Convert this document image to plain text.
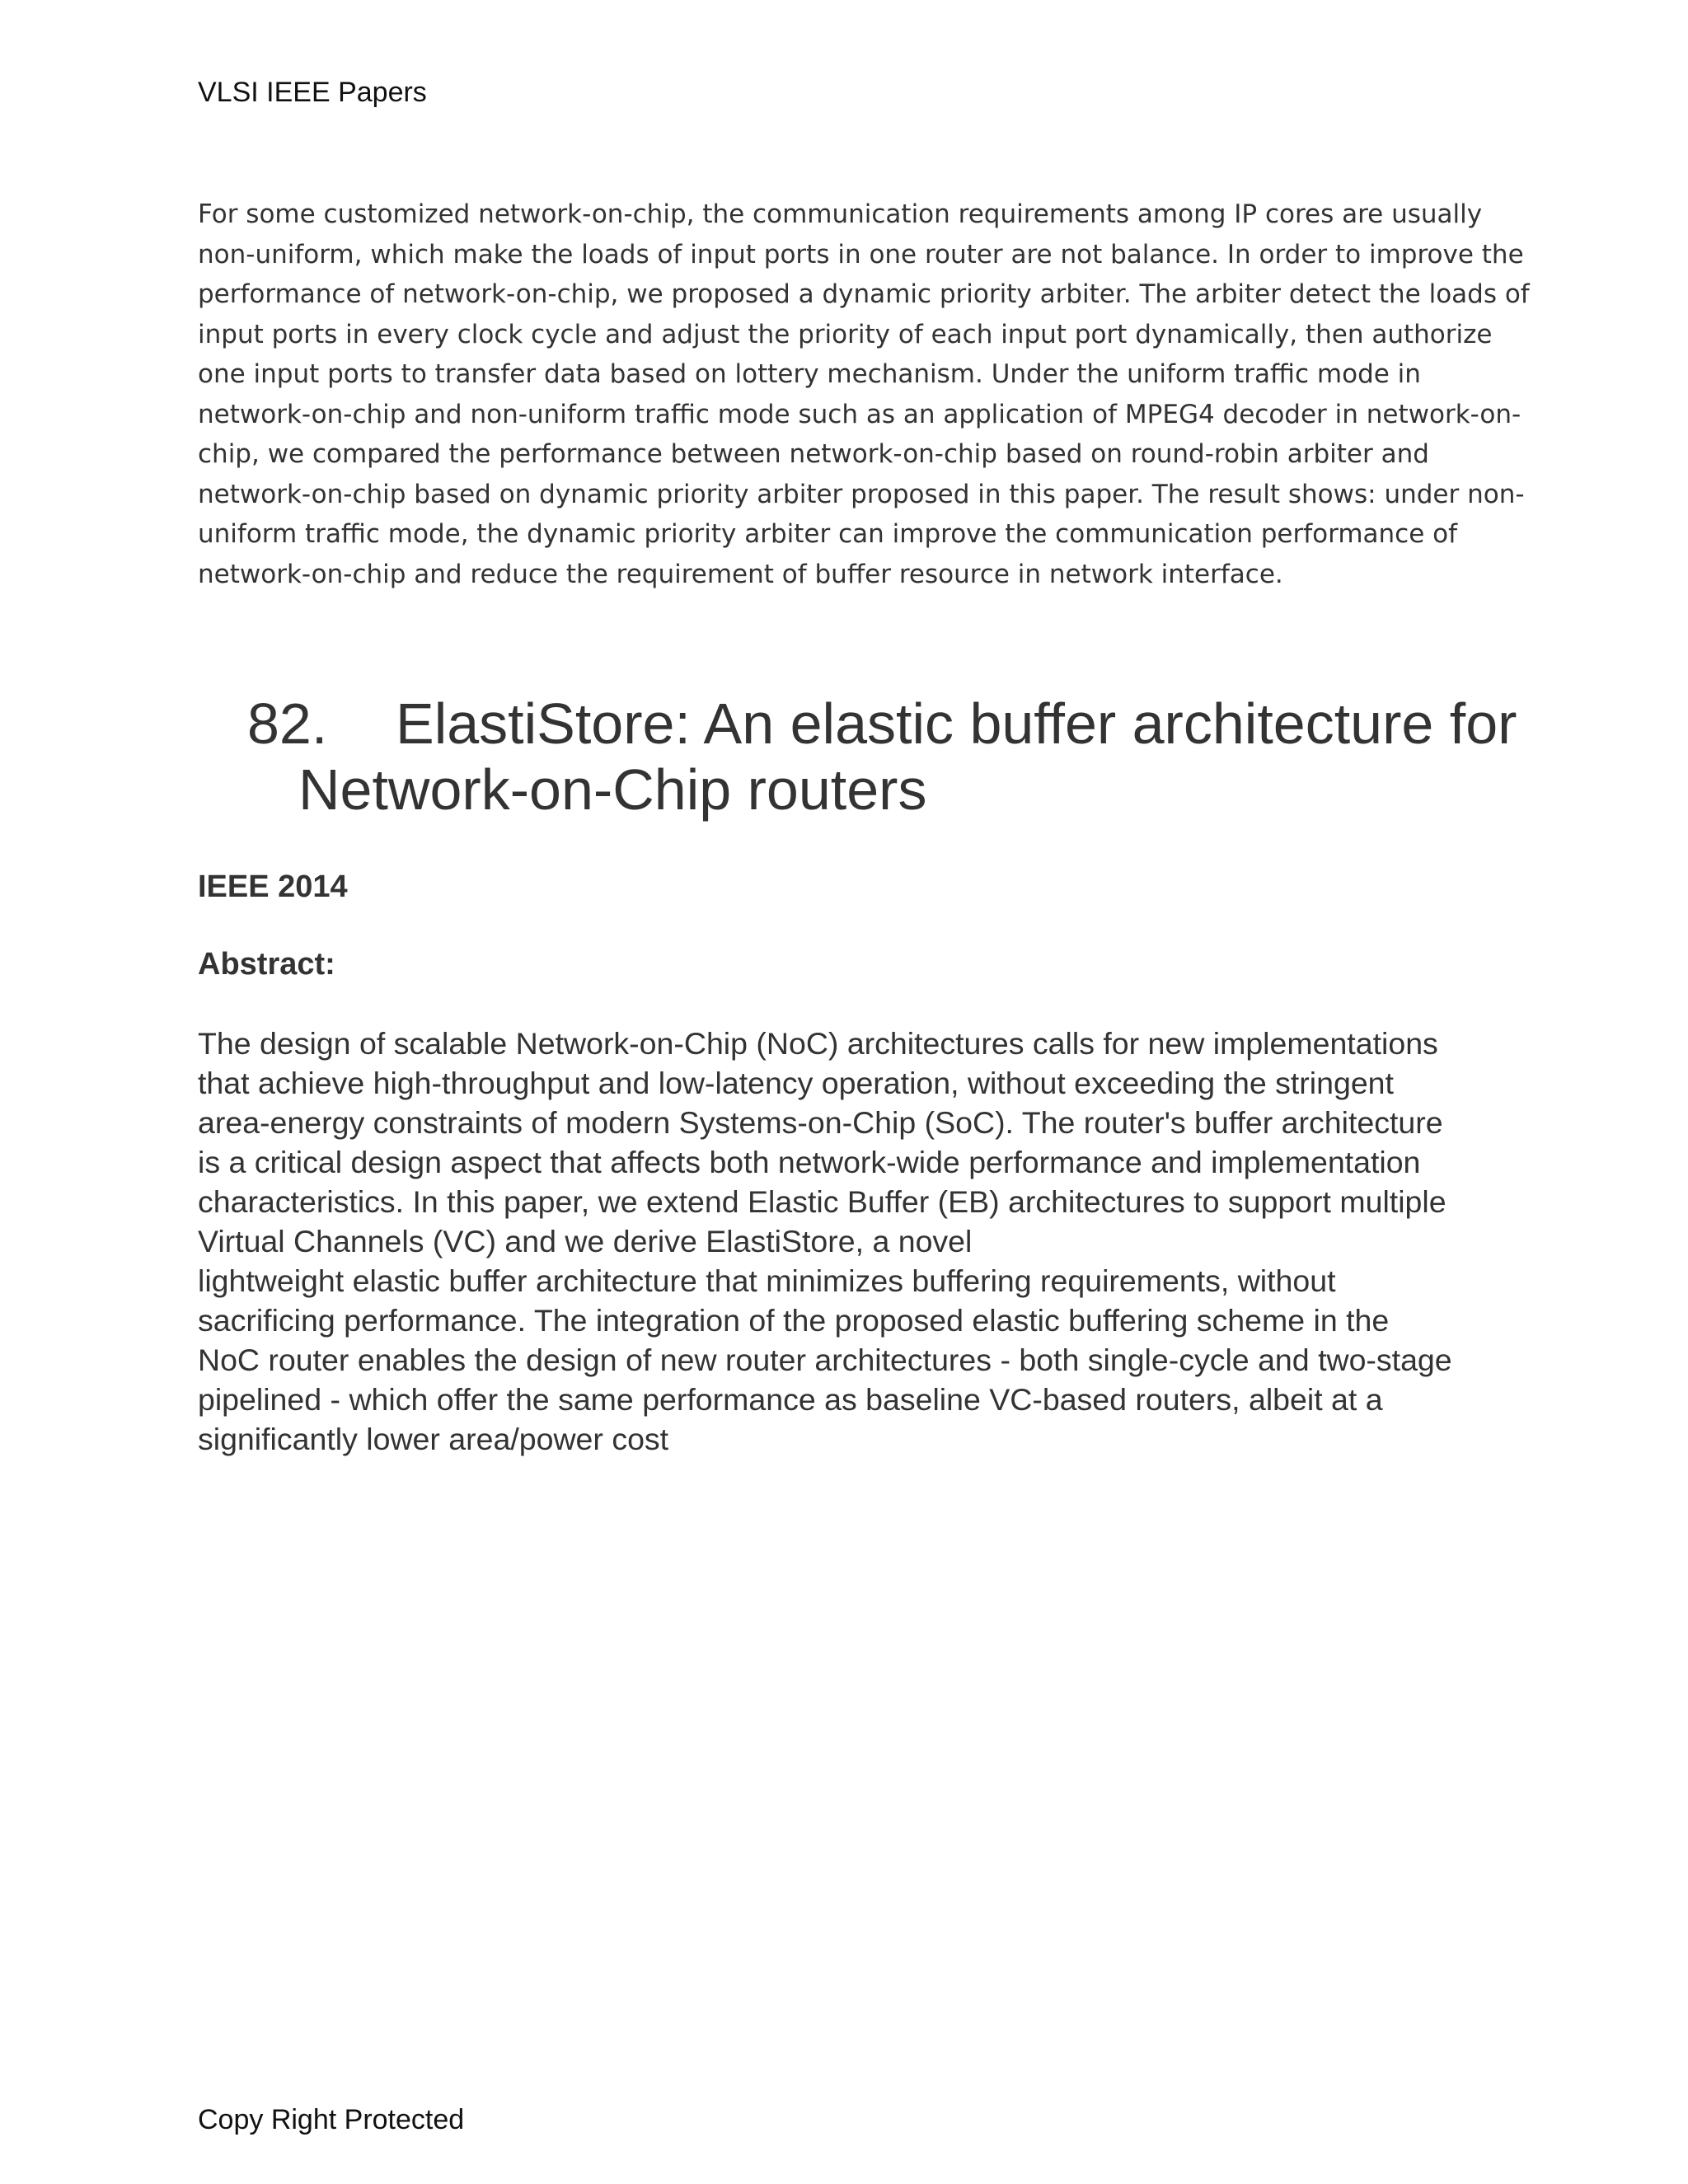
VLSI IEEE Papers
For some customized network-on-chip, the communication requirements among IP cores are usually
non-uniform, which make the loads of input ports in one router are not balance. In order to improve the
performance of network-on-chip, we proposed a dynamic priority arbiter. The arbiter detect the loads of
input ports in every clock cycle and adjust the priority of each input port dynamically, then authorize
one input ports to transfer data based on lottery mechanism. Under the uniform traffic mode in
network-on-chip and non-uniform traffic mode such as an application of MPEG4 decoder in network-on-
chip, we compared the performance between network-on-chip based on round-robin arbiter and
network-on-chip based on dynamic priority arbiter proposed in this paper. The result shows: under non-
uniform traffic mode, the dynamic priority arbiter can improve the communication performance of
network-on-chip and reduce the requirement of buffer resource in network interface.
82. ElastiStore: An elastic buffer architecture for
Network-on-Chip routers
IEEE 2014
Abstract:
The design of scalable Network-on-Chip (NoC) architectures calls for new implementations
that achieve high-throughput and low-latency operation, without exceeding the stringent
area-energy constraints of modern Systems-on-Chip (SoC). The router's buffer architecture
is a critical design aspect that affects both network-wide performance and implementation
characteristics. In this paper, we extend Elastic Buffer (EB) architectures to support multiple
Virtual Channels (VC) and we derive ElastiStore, a novel
lightweight elastic buffer architecture that minimizes buffering requirements, without
sacrificing performance. The integration of the proposed elastic buffering scheme in the
NoC router enables the design of new router architectures - both single-cycle and two-stage
pipelined - which offer the same performance as baseline VC-based routers, albeit at a
significantly lower area/power cost
Copy Right Protected
